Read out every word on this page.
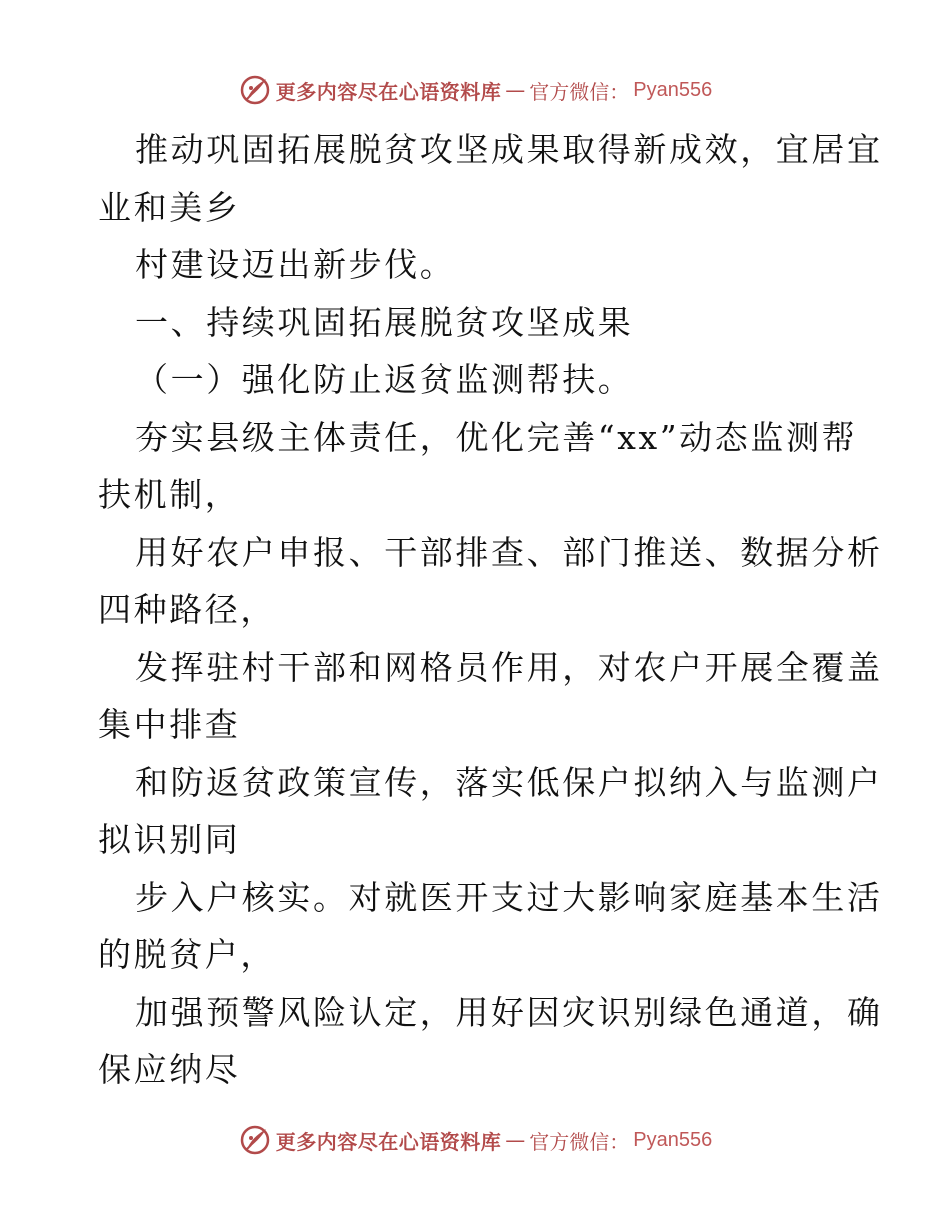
更多内容尽在心语资料库 — 官方微信： Pyan556
推动巩固拓展脱贫攻坚成果取得新成效，宜居宜
业和美乡
村建设迈出新步伐。
一、持续巩固拓展脱贫攻坚成果
（一）强化防止返贫监测帮扶。
夯实县级主体责任，优化完善“xx”动态监测帮
扶机制，
用好农户申报、干部排查、部门推送、数据分析
四种路径，
发挥驻村干部和网格员作用，对农户开展全覆盖
集中排查
和防返贫政策宣传，落实低保户拟纳入与监测户
拟识别同
步入户核实。对就医开支过大影响家庭基本生活
的脱贫户，
加强预警风险认定，用好因灾识别绿色通道，确
保应纳尽
更多内容尽在心语资料库 — 官方微信： Pyan556
